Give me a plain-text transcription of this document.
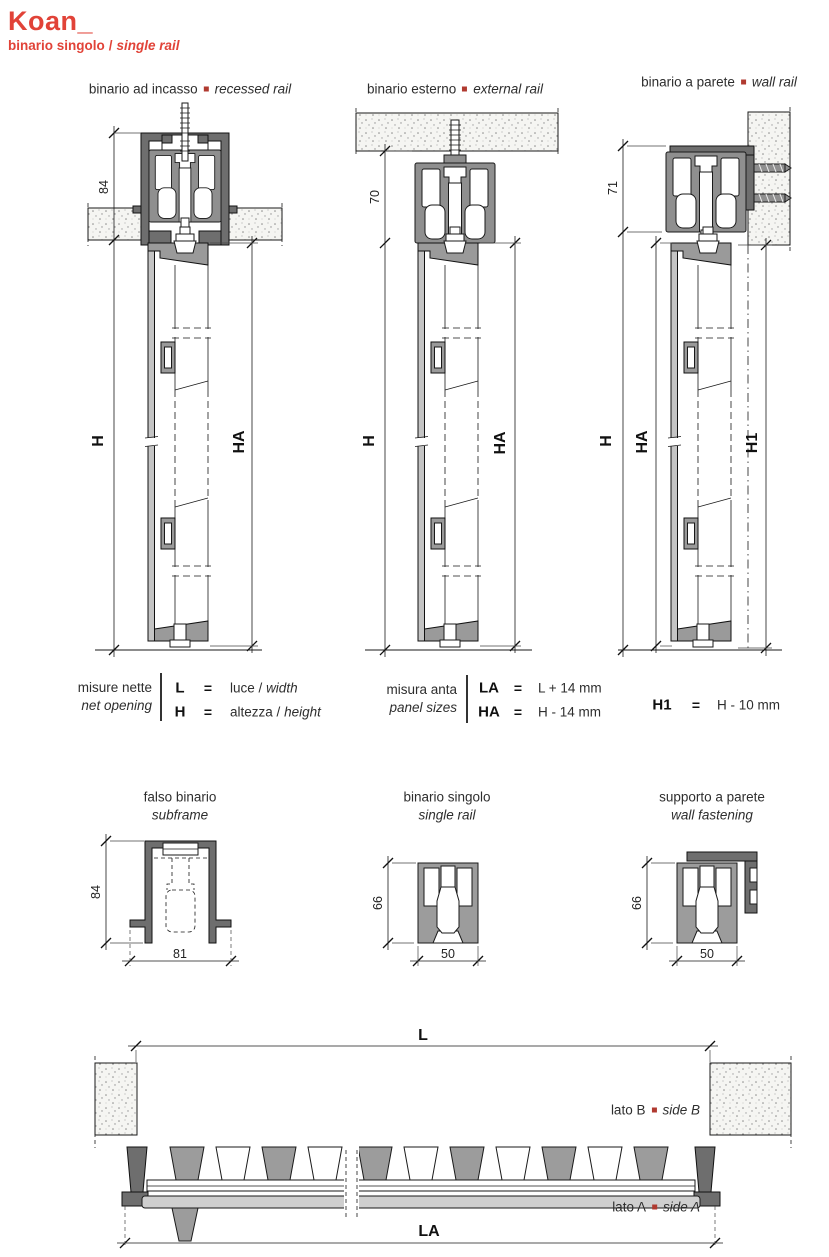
Koan_
binario singolo / single rail
binario ad incasso recessed rail	binario esterno external rail	binario a parete wall rail
84
H	HA
70
H	HA
71
H HA	H1
misure nette
net opening
L = luce / width
H = altezza / height
misura anta
panel sizes
LA = L + 14 mm
HA = H - 14 mm	H1 = H - 10 mm
falso binario
subframe
binario singolo
single rail
supporto a parete
wall fastening
84
81
66
50
66
50
L
LA
lato B side B
lato A side A
